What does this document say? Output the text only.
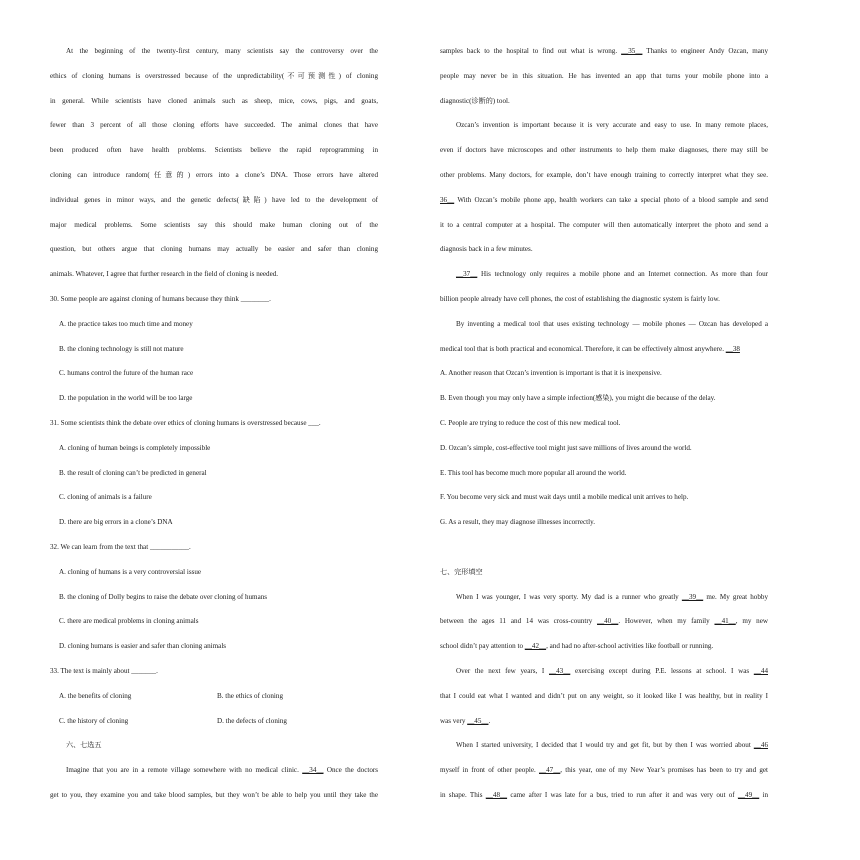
At the beginning of the twenty-first century, many scientists say the controversy over the
ethics of cloning humans is overstressed because of the unpredictability(不可预测性) of cloning
in general. While scientists have cloned animals such as sheep, mice, cows, pigs, and goats,
fewer than 3 percent of all those cloning efforts have succeeded. The animal clones that have
been produced often have health problems. Scientists believe the rapid reprogramming in
cloning can introduce random(任意的) errors into a clone’s DNA. Those errors have altered
individual genes in minor ways, and the genetic defects(缺陷) have led to the development of
major medical problems. Some scientists say this should make human cloning out of the
question, but others argue that cloning humans may actually be easier and safer than cloning
animals. Whatever, I agree that further research in the field of cloning is needed.
30. Some people are against cloning of humans because they think ________.
A. the practice takes too much time and money
B. the cloning technology is still not mature
C. humans control the future of the human race
D. the population in the world will be too large
31. Some scientists think the debate over ethics of cloning humans is overstressed because ___.
A. cloning of human beings is completely impossible
B. the result of cloning can’t be predicted in general
C. cloning of animals is a failure
D. there are big errors in a clone’s DNA
32. We can learn from the text that ___________.
A. cloning of humans is a very controversial issue
B. the cloning of Dolly begins to raise the debate over cloning of humans
C. there are medical problems in cloning animals
D. cloning humans is easier and safer than cloning animals
33. The text is mainly about _______.
A. the benefits of cloning	B. the ethics of cloning
C. the history of cloning	D. the defects of cloning
六、七选五
Imagine that you are in a remote village somewhere with no medical clinic. __34__ Once the doctors
get to you, they examine you and take blood samples, but they won’t be able to help you until they take the
samples back to the hospital to find out what is wrong. __35__ Thanks to engineer Andy Ozcan, many
people may never be in this situation. He has invented an app that turns your mobile phone into a
diagnostic(诊断的) tool.
Ozcan’s invention is important because it is very accurate and easy to use. In many remote places,
even if doctors have microscopes and other instruments to help them make diagnoses, there may still be
other problems. Many doctors, for example, don’t have enough training to correctly interpret what they see.
36__ With Ozcan’s mobile phone app, health workers can take a special photo of a blood sample and send
it to a central computer at a hospital. The computer will then automatically interpret the photo and send a
diagnosis back in a few minutes.
__37__ His technology only requires a mobile phone and an Internet connection. As more than four
billion people already have cell phones, the cost of establishing the diagnostic system is fairly low.
By inventing a medical tool that uses existing technology — mobile phones — Ozcan has developed a
medical tool that is both practical and economical. Therefore, it can be effectively almost anywhere. __38
A. Another reason that Ozcan’s invention is important is that it is inexpensive.
B. Even though you may only have a simple infection(感染), you might die because of the delay.
C. People are trying to reduce the cost of this new medical tool.
D. Ozcan’s simple, cost-effective tool might just save millions of lives around the world.
E. This tool has become much more popular all around the world.
F. You become very sick and must wait days until a mobile medical unit arrives to help.
G. As a result, they may diagnose illnesses incorrectly.
七、完形填空
When I was younger, I was very sporty. My dad is a runner who greatly __39__ me. My great hobby
between the ages 11 and 14 was cross-country __40__. However, when my family __41__, my new
school didn’t pay attention to __42__, and had no after-school activities like football or running.
Over the next few years, I __43__ exercising except during P.E. lessons at school. I was __44
that I could eat what I wanted and didn’t put on any weight, so it looked like I was healthy, but in reality I
was very __45__.
When I started university, I decided that I would try and get fit, but by then I was worried about __46
myself in front of other people. __47__, this year, one of my New Year’s promises has been to try and get
in shape. This __48__ came after I was late for a bus, tried to run after it and was very out of __49__ in
